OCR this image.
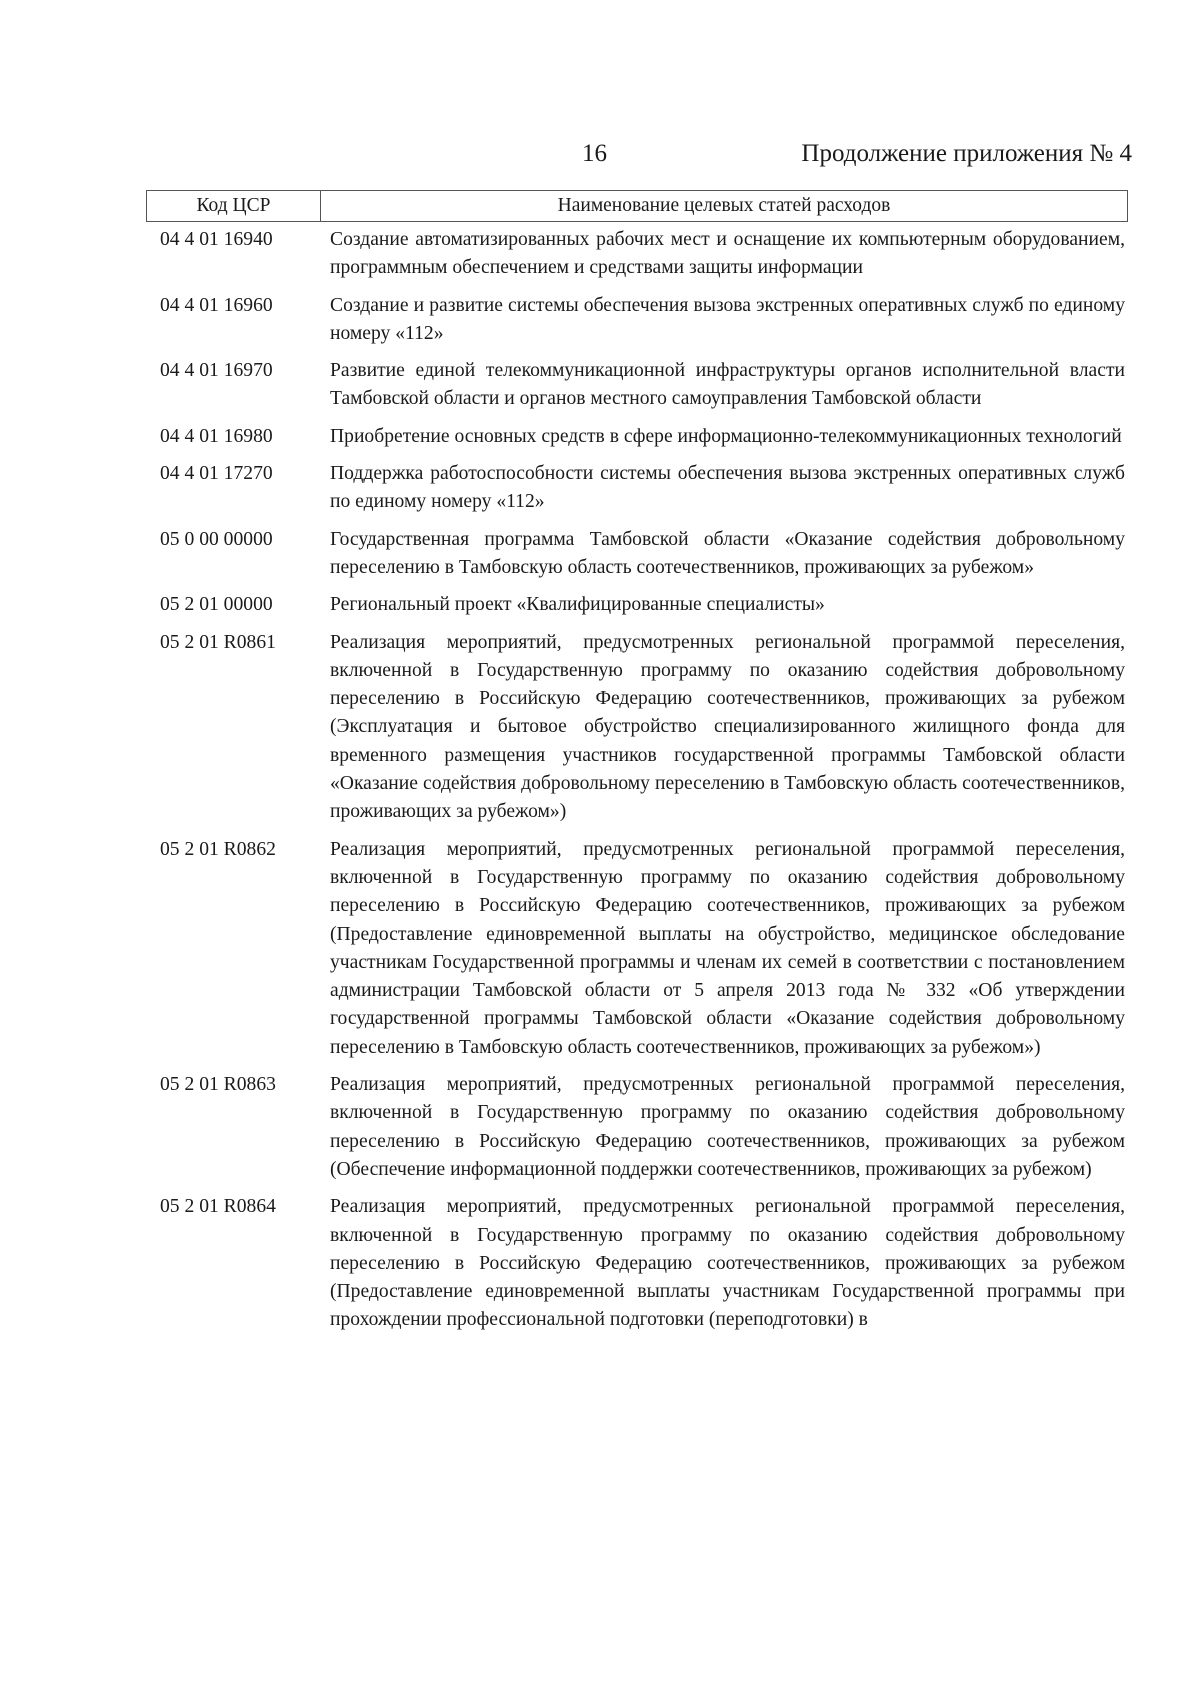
16	Продолжение приложения № 4
Код ЦСР	Наименование целевых статей расходов
04 4 01 16940	Создание автоматизированных рабочих мест и оснащение их компьютерным оборудованием, программным обеспечением и средствами защиты информации
04 4 01 16960	Создание и развитие системы обеспечения вызова экстренных оперативных служб по единому номеру «112»
04 4 01 16970	Развитие единой телекоммуникационной инфраструктуры органов исполнительной власти Тамбовской области и органов местного самоуправления Тамбовской области
04 4 01 16980	Приобретение основных средств в сфере информационно-телекоммуникационных технологий
04 4 01 17270	Поддержка работоспособности системы обеспечения вызова экстренных оперативных служб по единому номеру «112»
05 0 00 00000	Государственная программа Тамбовской области «Оказание содействия добровольному переселению в Тамбовскую область соотечественников, проживающих за рубежом»
05 2 01 00000	Региональный проект «Квалифицированные специалисты»
05 2 01 R0861	Реализация мероприятий, предусмотренных региональной программой переселения, включенной в Государственную программу по оказанию содействия добровольному переселению в Российскую Федерацию соотечественников, проживающих за рубежом (Эксплуатация и бытовое обустройство специализированного жилищного фонда для временного размещения участников государственной программы Тамбовской области «Оказание содействия добровольному переселению в Тамбовскую область соотечественников, проживающих за рубежом»)
05 2 01 R0862	Реализация мероприятий, предусмотренных региональной программой переселения, включенной в Государственную программу по оказанию содействия добровольному переселению в Российскую Федерацию соотечественников, проживающих за рубежом (Предоставление единовременной выплаты на обустройство, медицинское обследование участникам Государственной программы и членам их семей в соответствии с постановлением администрации Тамбовской области от 5 апреля 2013 года № 332 «Об утверждении государственной программы Тамбовской области «Оказание содействия добровольному переселению в Тамбовскую область соотечественников, проживающих за рубежом»)
05 2 01 R0863	Реализация мероприятий, предусмотренных региональной программой переселения, включенной в Государственную программу по оказанию содействия добровольному переселению в Российскую Федерацию соотечественников, проживающих за рубежом (Обеспечение информационной поддержки соотечественников, проживающих за рубежом)
05 2 01 R0864	Реализация мероприятий, предусмотренных региональной программой переселения, включенной в Государственную программу по оказанию содействия добровольному переселению в Российскую Федерацию соотечественников, проживающих за рубежом (Предоставление единовременной выплаты участникам Государственной программы при прохождении профессиональной подготовки (переподготовки) в
